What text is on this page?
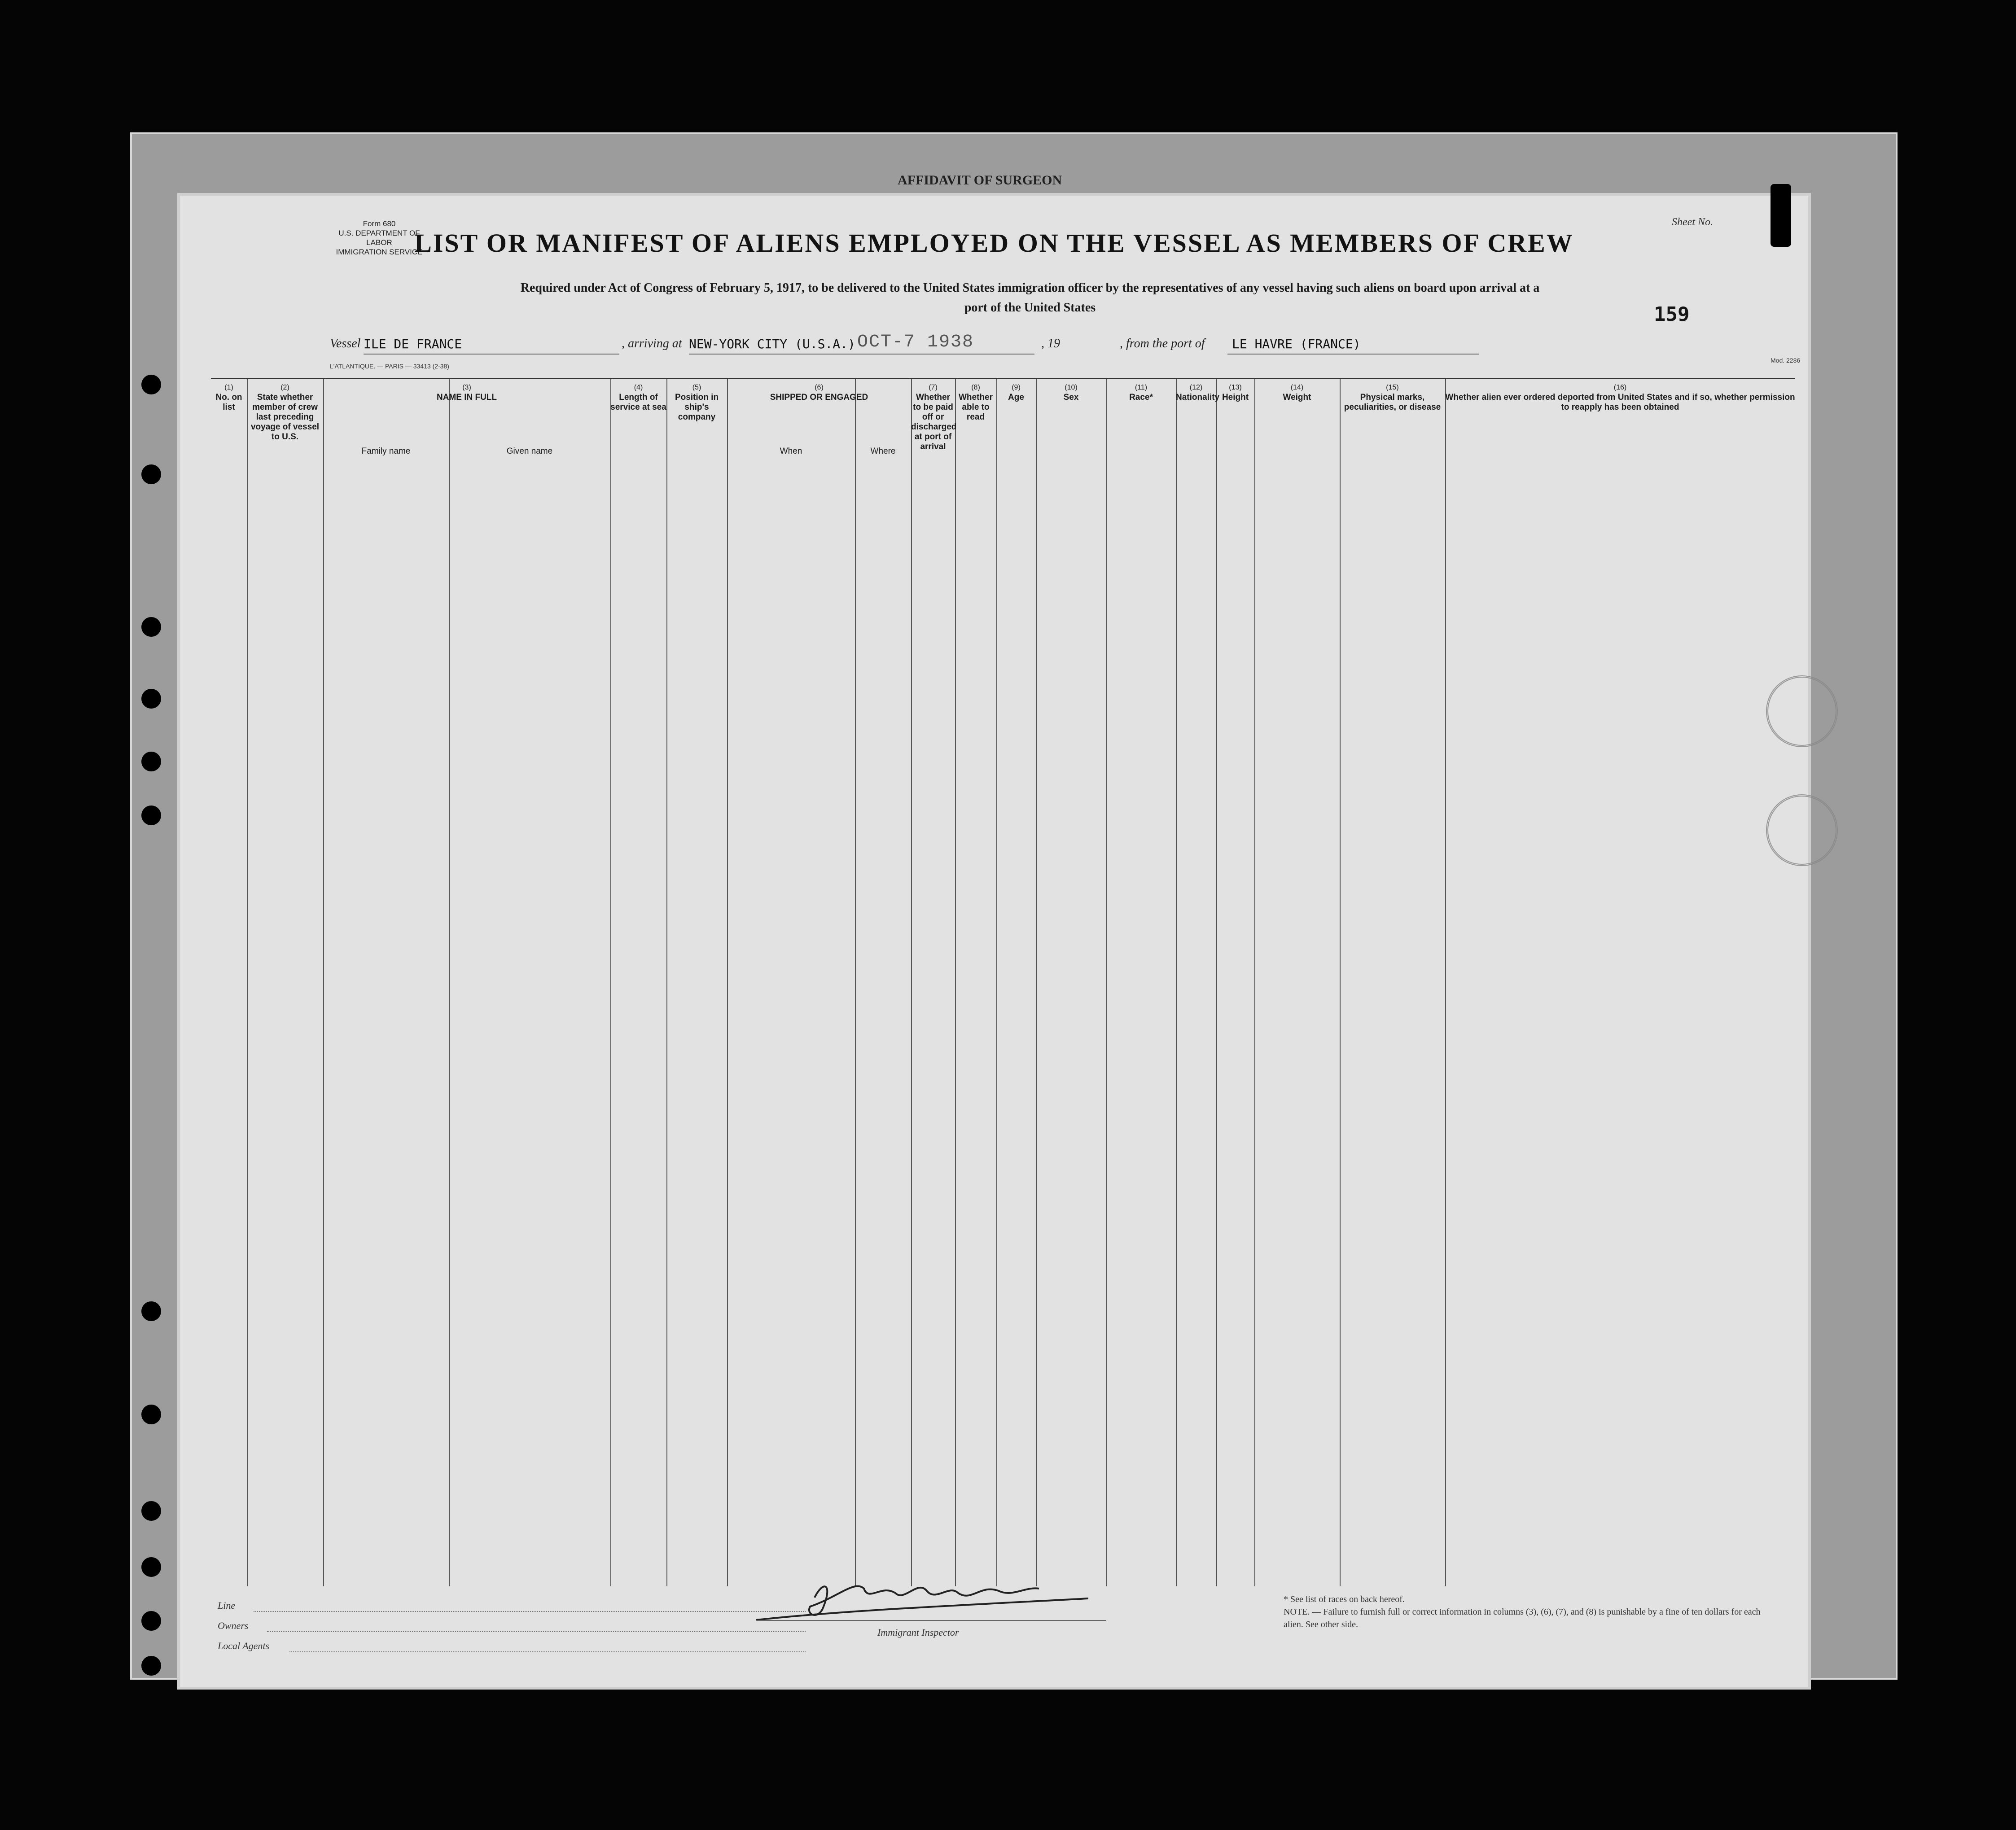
AFFIDAVIT OF SURGEON
Form 680
U.S. DEPARTMENT OF LABOR
IMMIGRATION SERVICE
Sheet No.
LIST OR MANIFEST OF ALIENS EMPLOYED ON THE VESSEL AS MEMBERS OF CREW
Required under Act of Congress of February 5, 1917, to be delivered to the United States immigration officer by the representatives of any vessel having such aliens on board upon arrival at a
port of the United States	159
Vessel ILE DE FRANCE	, arriving at NEW-YORK CITY (U.S.A.) OCT-7 1938	, 19	, from the port of LE HAVRE (FRANCE)
L'ATLANTIQUE. — PARIS — 33413 (2-38)
Mod. 2286
(1)
No. on list
(2)
State whether member of crew last preceding voyage of vessel to U.S.
(3)
NAME IN FULL
Family name	Given name
(4)
Length of service at sea
(5)
Position in ship's company
(6)
SHIPPED OR ENGAGED
When	Where
(7)
Whether to be paid off or discharged at port of arrival
(8)
Whether able to read
(9)
Age
(10)
Sex
(11)
Race*
(12)
Nationality
(13)
Height
(14)
Weight
(15)
Physical marks, peculiarities, or disease
(16)
Whether alien ever ordered deported from United States and if so, whether permission to reapply has been obtained
Line
Owners
Local Agents
Immigrant Inspector
* See list of races on back hereof.
NOTE. — Failure to furnish full or correct information in columns (3), (6), (7), and (8) is punishable by a fine of ten dollars for each alien. See other side.
